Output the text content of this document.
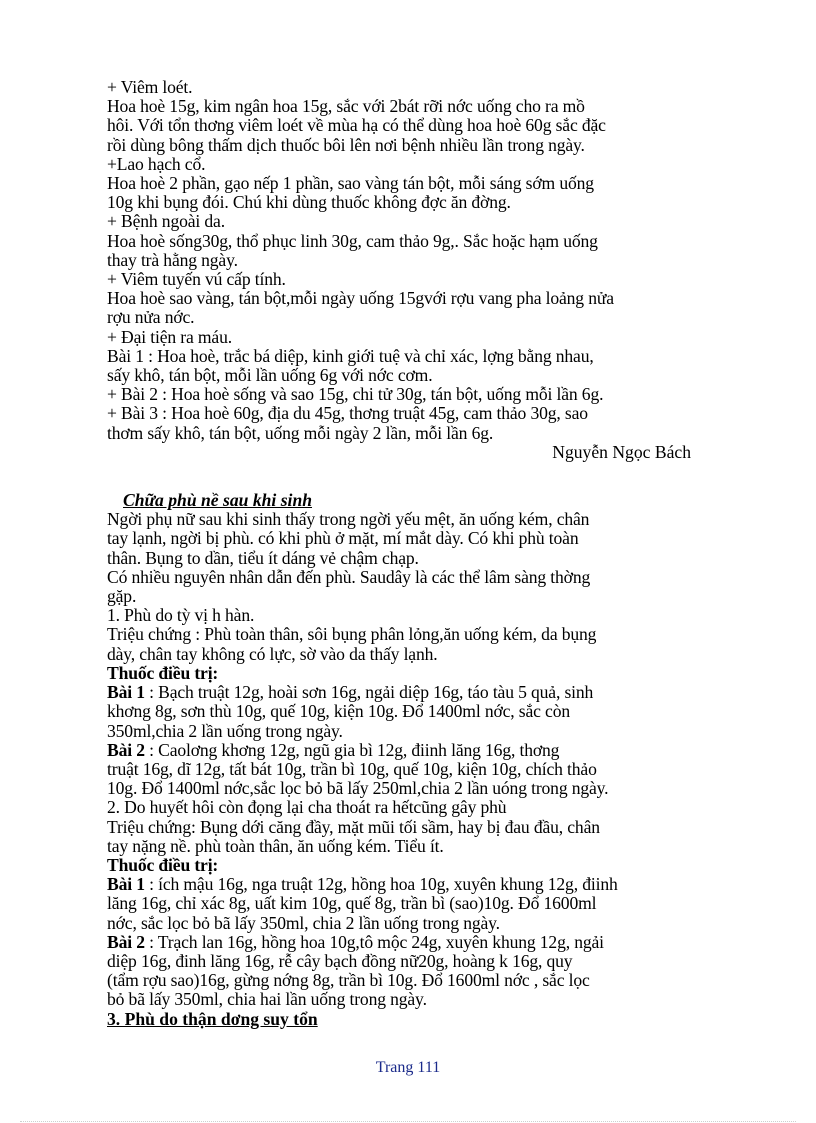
+ Viêm loét.
Hoa hoè 15g, kim ngân hoa 15g, sắc với 2bát rỡi nớc uống cho ra mồ
hôi. Với tổn thơng viêm loét về mùa hạ có thể dùng hoa hoè 60g sắc đặc
rồi dùng bông thấm dịch thuốc bôi lên nơi bệnh nhiều lần trong ngày.
+Lao hạch cổ.
Hoa hoè 2 phần, gạo nếp 1 phần, sao vàng tán bột, mỗi sáng sớm uống
10g khi bụng đói. Chú khi dùng thuốc không đợc ăn đờng.
+ Bệnh ngoài da.
Hoa hoè sống30g, thổ phục linh 30g, cam thảo 9g,. Sắc hoặc hạm uống
thay trà hằng ngày.
+ Viêm tuyến vú cấp tính.
Hoa hoè sao vàng, tán bột,mỗi ngày uống 15gvới rợu vang pha loảng nửa
rợu nửa nớc.
+ Đại tiện ra máu.
Bài 1 : Hoa hoè, trắc bá diệp, kinh giới tuệ và chỉ xác, lợng bằng nhau,
sấy khô, tán bột, mỗi lần uống 6g với nớc cơm.
+ Bài 2 : Hoa hoè sống và sao 15g, chi tử 30g, tán bột, uống mỗi lần 6g.
+ Bài 3 : Hoa hoè 60g, địa du 45g, thơng truật 45g, cam thảo 30g, sao
thơm sấy khô, tán bột, uống mỗi ngày 2 lần, mỗi lần 6g.
Nguyễn Ngọc Bách
Chữa phù nề sau khi sinh
Ngời phụ nữ sau khi sinh thấy trong ngời yếu mệt, ăn uống kém, chân
tay lạnh, ngời bị phù. có khi phù ở mặt, mí mắt dày. Có khi phù toàn
thân. Bụng to dần, tiểu ít dáng vẻ chậm chạp.
Có nhiều nguyên nhân dẫn đến phù. Saudây là các thể lâm sàng thờng
gặp.
1. Phù do tỳ vị h hàn.
Triệu chứng : Phù toàn thân, sôi bụng phân lỏng,ăn uống kém, da bụng
dày, chân tay không có lực, sờ vào da thấy lạnh.
Thuốc điều trị:
Bài 1 : Bạch truật 12g, hoài sơn 16g, ngải diệp 16g, táo tàu 5 quả, sinh
khơng 8g, sơn thù 10g, quế 10g, kiện 10g. Đổ 1400ml nớc, sắc còn
350ml,chia 2 lần uống trong ngày.
Bài 2 : Caolơng khơng 12g, ngũ gia bì 12g, điinh lăng 16g, thơng
truật 16g, dĩ 12g, tất bát 10g, trần bì 10g, quế 10g, kiện 10g, chích thảo
10g. Đổ 1400ml nớc,sắc lọc bỏ bã lấy 250ml,chia 2 lần uóng trong ngày.
2. Do huyết hôi còn đọng lại cha thoát ra hếtcũng gây phù
Triệu chứng: Bụng dới căng đầy, mặt mũi tối sầm, hay bị đau đầu, chân
tay nặng nề. phù toàn thân, ăn uống kém. Tiểu ít.
Thuốc điều trị:
Bài 1 : ích mậu 16g, nga truật 12g, hồng hoa 10g, xuyên khung 12g, điinh
lăng 16g, chỉ xác 8g, uất kim 10g, quế 8g, trần bì (sao)10g. Đổ 1600ml
nớc, sắc lọc bỏ bã lấy 350ml, chia 2 lần uống trong ngày.
Bài 2 : Trạch lan 16g, hồng hoa 10g,tô mộc 24g, xuyên khung 12g, ngải
diệp 16g, đinh lăng 16g, rễ cây bạch đồng nữ20g, hoàng k 16g, quy
(tẩm rợu sao)16g, gừng nớng 8g, trần bì 10g. Đổ 1600ml nớc , sắc lọc
bỏ bã lấy 350ml, chia hai lần uống trong ngày.
3. Phù do thận dơng suy tổn
Trang 111
